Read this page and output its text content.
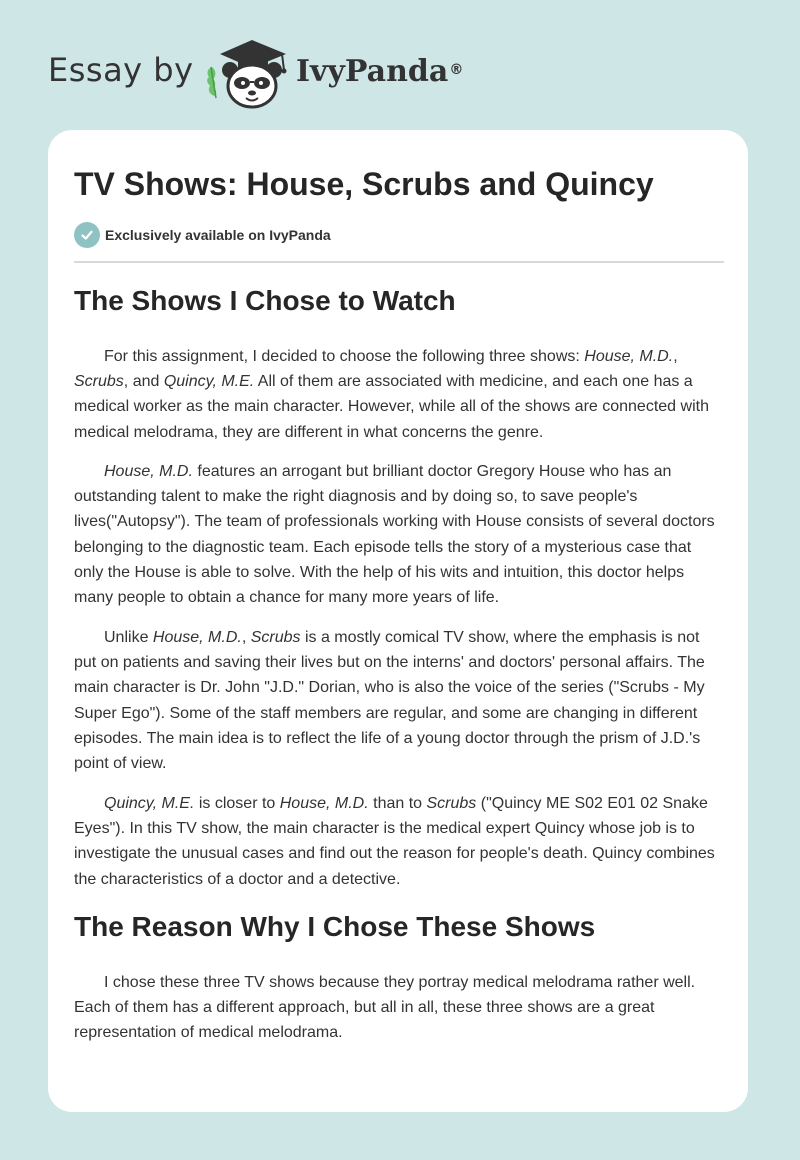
Essay by	IvyPanda®
TV Shows: House, Scrubs and Quincy
Exclusively available on IvyPanda
The Shows I Chose to Watch

For this assignment, I decided to choose the following three shows: House, M.D., Scrubs, and Quincy, M.E. All of them are associated with medicine, and each one has a medical worker as the main character. However, while all of the shows are connected with medical melodrama, they are different in what concerns the genre.

House, M.D. features an arrogant but brilliant doctor Gregory House who has an outstanding talent to make the right diagnosis and by doing so, to save people's lives("Autopsy"). The team of professionals working with House consists of several doctors belonging to the diagnostic team. Each episode tells the story of a mysterious case that only the House is able to solve. With the help of his wits and intuition, this doctor helps many people to obtain a chance for many more years of life.

Unlike House, M.D., Scrubs is a mostly comical TV show, where the emphasis is not put on patients and saving their lives but on the interns' and doctors' personal affairs. The main character is Dr. John "J.D." Dorian, who is also the voice of the series ("Scrubs - My Super Ego"). Some of the staff members are regular, and some are changing in different episodes. The main idea is to reflect the life of a young doctor through the prism of J.D.'s point of view.

Quincy, M.E. is closer to House, M.D. than to Scrubs ("Quincy ME S02 E01 02 Snake Eyes"). In this TV show, the main character is the medical expert Quincy whose job is to investigate the unusual cases and find out the reason for people's death. Quincy combines the characteristics of a doctor and a detective.

The Reason Why I Chose These Shows

I chose these three TV shows because they portray medical melodrama rather well. Each of them has a different approach, but all in all, these three shows are a great representation of medical melodrama.
